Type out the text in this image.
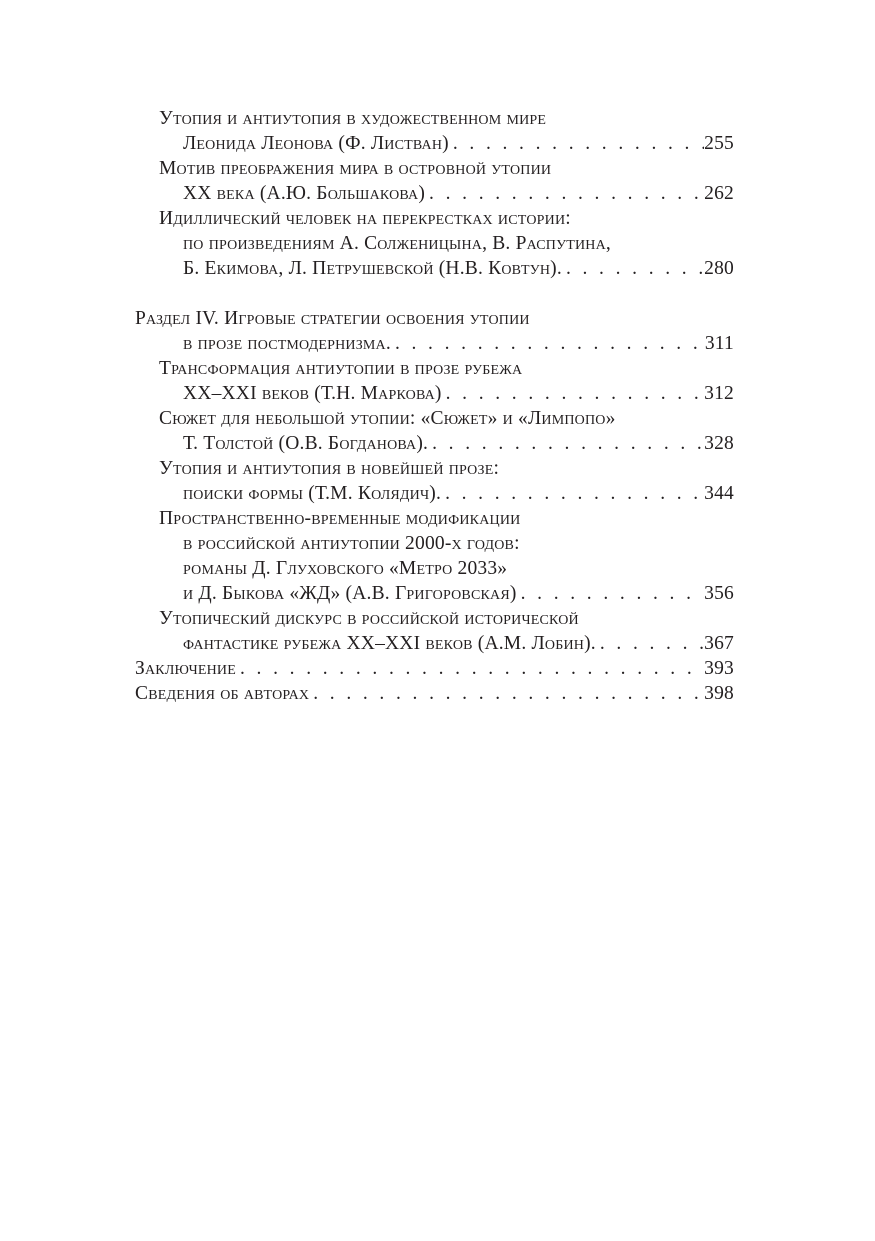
Утопия и антиутопия в художественном мире
Леонида Леонова (Ф. Листван) . . .	255
Мотив преображения мира в островной утопии
XX века (А.Ю. Большакова) . . .	262
Идиллический человек на перекрестках истории:
по произведениям А. Солженицына, В. Распутина,
Б. Екимова, Л. Петрушевской (Н.В. Ковтун). . . .	280
Раздел IV. Игровые стратегии освоения утопии
в прозе постмодернизма. . . .	311
Трансформация антиутопии в прозе рубежа
XX–XXI веков (Т.Н. Маркова) . . .	312
Сюжет для небольшой утопии: «Сюжет» и «Лимпопо»
Т. Толстой (О.В. Богданова). . . .	328
Утопия и антиутопия в новейшей прозе:
поиски формы (Т.М. Колядич). . . .	344
Пространственно-временные модификации
в российской антиутопии 2000-х годов:
романы Д. Глуховского «Метро 2033»
и Д. Быкова «ЖД» (А.В. Григоровская) . . .	356
Утопический дискурс в российской исторической
фантастике рубежа XX–XXI веков (А.М. Лобин). . . .	367
Заключение . . .	393
Сведения об авторах . . .	398
